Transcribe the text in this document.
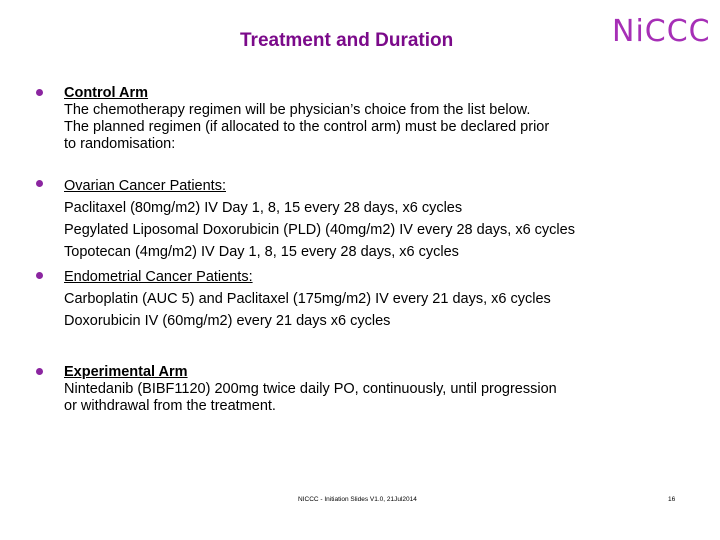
Treatment and Duration	NiCCC
Control Arm
The chemotherapy regimen will be physician’s choice from the list below.
The planned regimen (if allocated to the control arm) must be declared prior
to randomisation:
Ovarian Cancer Patients:
Paclitaxel (80mg/m2) IV Day 1, 8, 15 every 28 days, x6 cycles
Pegylated Liposomal Doxorubicin (PLD) (40mg/m2) IV every 28 days, x6 cycles
Topotecan (4mg/m2) IV Day 1, 8, 15 every 28 days, x6 cycles
Endometrial Cancer Patients:
Carboplatin (AUC 5) and Paclitaxel (175mg/m2) IV every 21 days, x6 cycles
Doxorubicin IV (60mg/m2) every 21 days x6 cycles
Experimental Arm
Nintedanib (BIBF1120) 200mg twice daily PO, continuously, until progression
or withdrawal from the treatment.
NICCC - Initiation Slides V1.0, 21Jul2014	16
